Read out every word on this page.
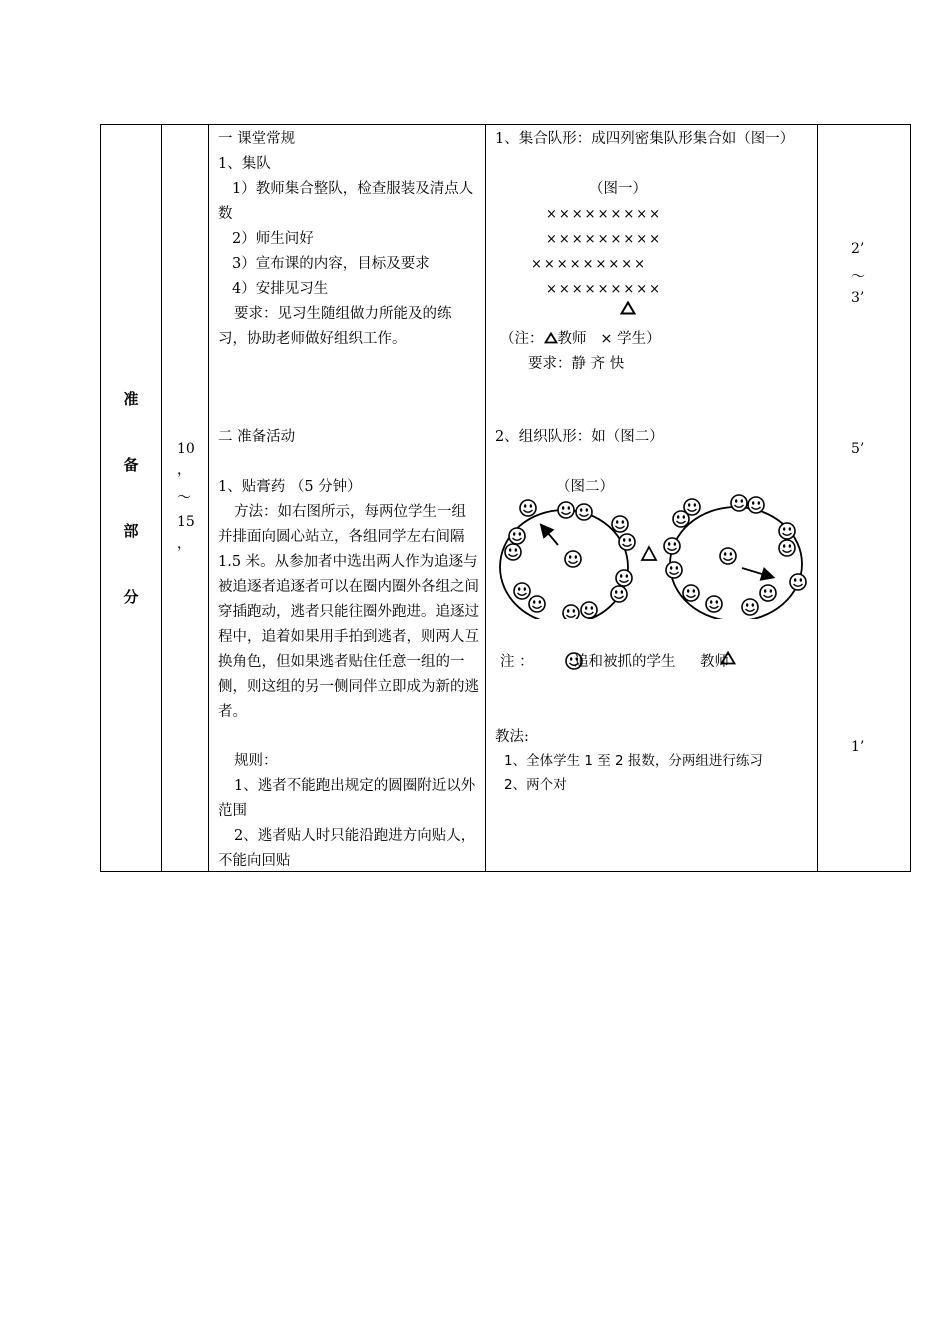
准
备
部
分

10
，
～
15
，

一 课堂常规
1、集队
1）教师集合整队，检查服装及清点人数
2）师生问好
3）宣布课的内容，目标及要求
4）安排见习生
要求：见习生随组做力所能及的练习，协助老师做好组织工作。
二 准备活动
1、贴膏药 （5 分钟）
方法：如右图所示，每两位学生一组并排面向圆心站立，各组同学左右间隔 1.5 米。从参加者中选出两人作为追逐与被追逐者追逐者可以在圈内圈外各组之间穿插跑动，逃者只能往圈外跑进。追逐过程中，追着如果用手拍到逃者，则两人互换角色，但如果逃者贴住任意一组的一侧，则这组的另一侧同伴立即成为新的逃者。
规则：
1、逃者不能跑出规定的圆圈附近以外范围
2、逃者贴人时只能沿跑进方向贴人，不能向回贴

1、集合队形：成四列密集队形集合如（图一）
（图一）
×××××××××
×××××××××
×××××××××
×××××××××
（注： 教师 × 学生）
要求：静 齐 快
2、组织队形：如（图二）
（图二）
注 ：	追和被抓的学生 教师
教法:
1、全体学生 1 至 2 报数，分两组进行练习
2、两个对

2’
～
3’
5’
1’
